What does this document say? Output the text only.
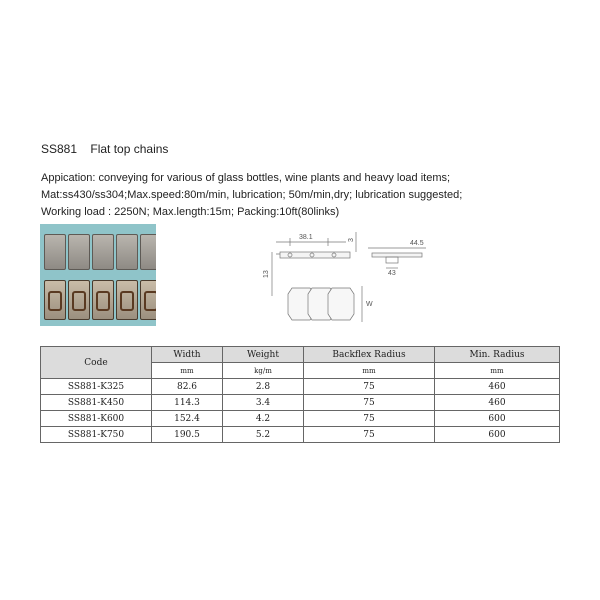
SS881 Flat top chains
Appication: conveying for various of glass bottles, wine plants and heavy load items;
Mat:ss430/ss304;Max.speed:80m/min, lubrication; 50m/min,dry; lubrication suggested;
Working load : 2250N; Max.length:15m; Packing:10ft(80links)
38.1
13
3	44.5
43
W
Code	Width	Weight	Backflex Radius	Min. Radius
	mm	kg/m	mm	mm
SS881-K325	82.6	2.8	75	460
SS881-K450	114.3	3.4	75	460
SS881-K600	152.4	4.2	75	600
SS881-K750	190.5	5.2	75	600
